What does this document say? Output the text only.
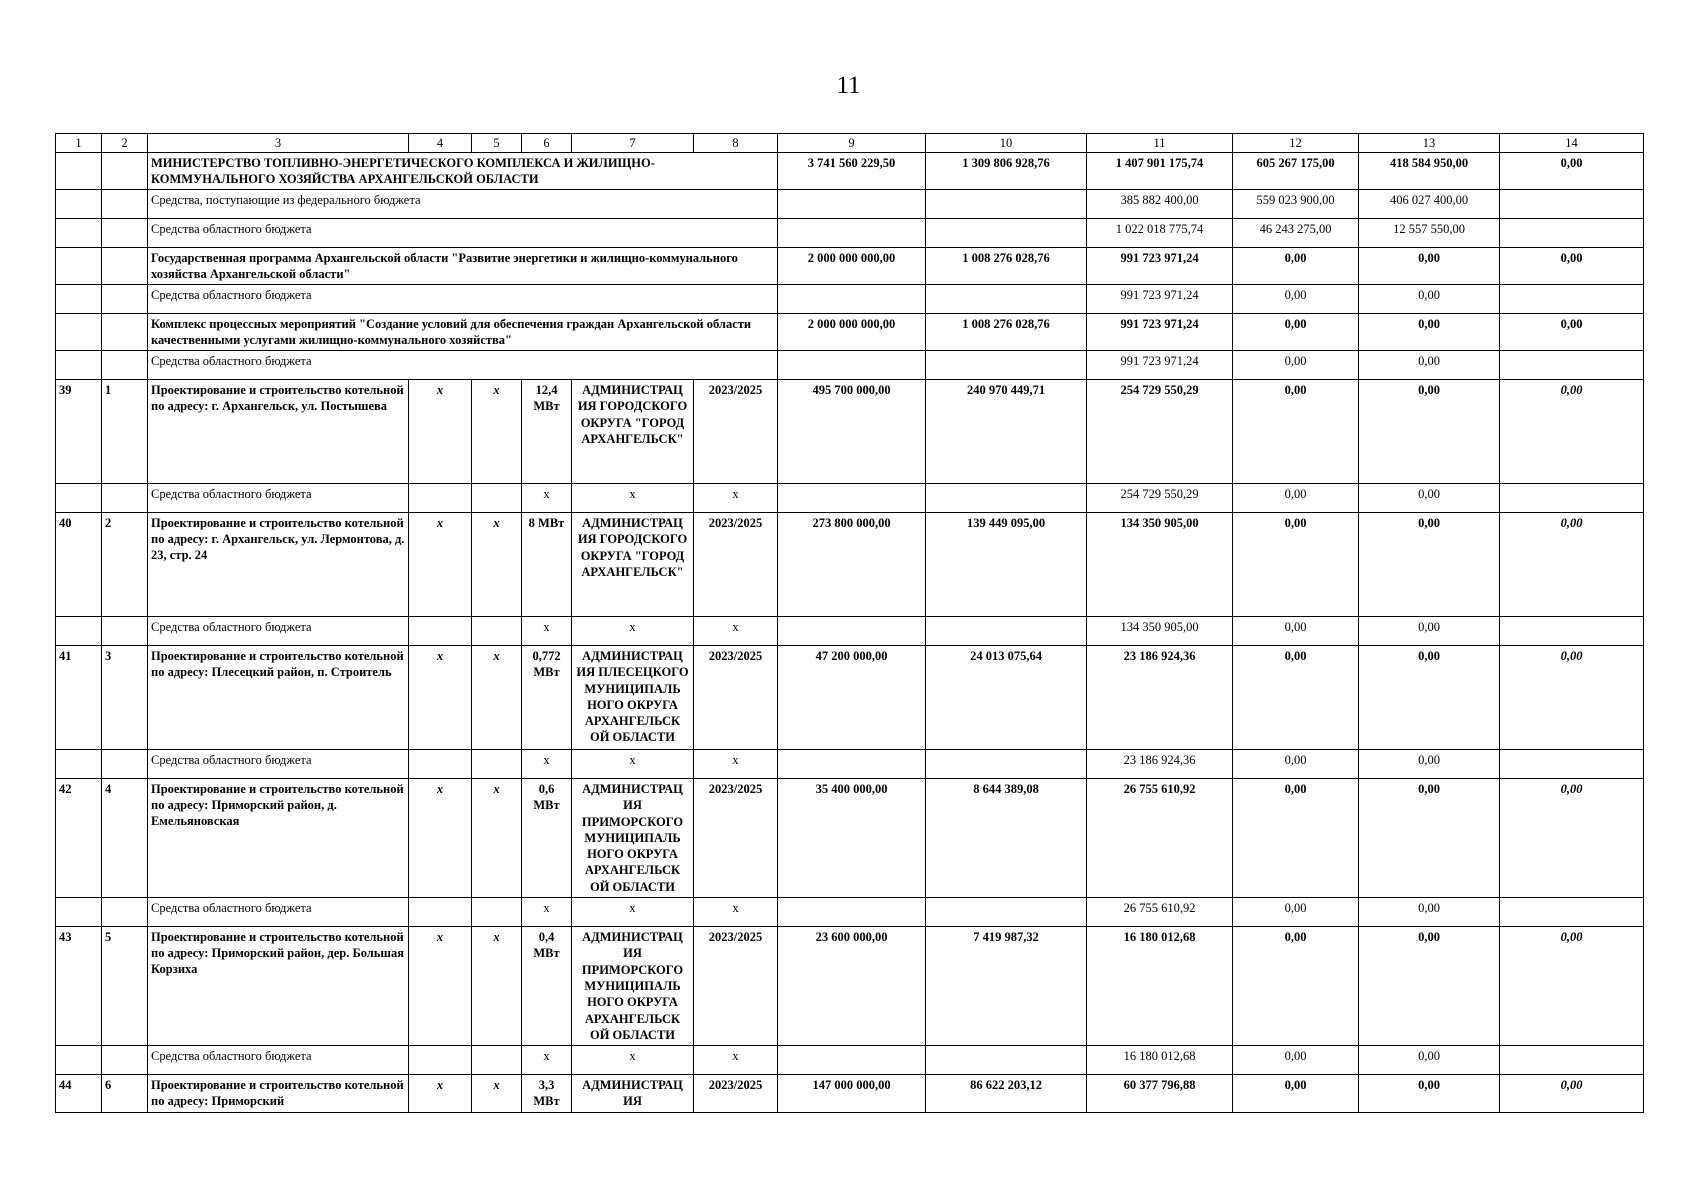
11
1	2	3	4	5	6	7	8	9	10	11	12	13	14
		МИНИСТЕРСТВО ТОПЛИВНО-ЭНЕРГЕТИЧЕСКОГО КОМПЛЕКСА И ЖИЛИЩНО-КОММУНАЛЬНОГО ХОЗЯЙСТВА АРХАНГЕЛЬСКОЙ ОБЛАСТИ						3 741 560 229,50	1 309 806 928,76	1 407 901 175,74	605 267 175,00	418 584 950,00	0,00
		Средства, поступающие из федерального бюджета								385 882 400,00	559 023 900,00	406 027 400,00	
		Средства областного бюджета								1 022 018 775,74	46 243 275,00	12 557 550,00	
		Государственная программа Архангельской области "Развитие энергетики и жилищно-коммунального хозяйства Архангельской области"						2 000 000 000,00	1 008 276 028,76	991 723 971,24	0,00	0,00	0,00
		Средства областного бюджета								991 723 971,24	0,00	0,00	
		Комплекс процессных мероприятий "Создание условий для обеспечения граждан Архангельской области качественными услугами жилищно-коммунального хозяйства"						2 000 000 000,00	1 008 276 028,76	991 723 971,24	0,00	0,00	0,00
		Средства областного бюджета								991 723 971,24	0,00	0,00	
39	1	Проектирование и строительство котельной по адресу: г. Архангельск, ул. Постышева	х	х	12,4 МВт	АДМИНИСТРАЦ ИЯ ГОРОДСКОГО ОКРУГА "ГОРОД АРХАНГЕЛЬСК"	2023/2025	495 700 000,00	240 970 449,71	254 729 550,29	0,00	0,00	0,00
		Средства областного бюджета			х	х	х			254 729 550,29	0,00	0,00	
40	2	Проектирование и строительство котельной по адресу: г. Архангельск, ул. Лермонтова, д. 23, стр. 24	х	х	8 МВт	АДМИНИСТРАЦ ИЯ ГОРОДСКОГО ОКРУГА "ГОРОД АРХАНГЕЛЬСК"	2023/2025	273 800 000,00	139 449 095,00	134 350 905,00	0,00	0,00	0,00
		Средства областного бюджета			х	х	х			134 350 905,00	0,00	0,00	
41	3	Проектирование и строительство котельной по адресу: Плесецкий район, п. Строитель	х	х	0,772 МВт	АДМИНИСТРАЦ ИЯ ПЛЕСЕЦКОГО МУНИЦИПАЛЬ НОГО ОКРУГА АРХАНГЕЛЬСК ОЙ ОБЛАСТИ	2023/2025	47 200 000,00	24 013 075,64	23 186 924,36	0,00	0,00	0,00
		Средства областного бюджета			х	х	х			23 186 924,36	0,00	0,00	
42	4	Проектирование и строительство котельной по адресу: Приморский район, д. Емельяновская	х	х	0,6 МВт	АДМИНИСТРАЦ ИЯ ПРИМОРСКОГО МУНИЦИПАЛЬ НОГО ОКРУГА АРХАНГЕЛЬСК ОЙ ОБЛАСТИ	2023/2025	35 400 000,00	8 644 389,08	26 755 610,92	0,00	0,00	0,00
		Средства областного бюджета			х	х	х			26 755 610,92	0,00	0,00	
43	5	Проектирование и строительство котельной по адресу: Приморский район, дер. Большая Корзиха	х	х	0,4 МВт	АДМИНИСТРАЦ ИЯ ПРИМОРСКОГО МУНИЦИПАЛЬ НОГО ОКРУГА АРХАНГЕЛЬСК ОЙ ОБЛАСТИ	2023/2025	23 600 000,00	7 419 987,32	16 180 012,68	0,00	0,00	0,00
		Средства областного бюджета			х	х	х			16 180 012,68	0,00	0,00	
44	6	Проектирование и строительство котельной по адресу: Приморский	х	х	3,3 МВт	АДМИНИСТРАЦ ИЯ	2023/2025	147 000 000,00	86 622 203,12	60 377 796,88	0,00	0,00	0,00
